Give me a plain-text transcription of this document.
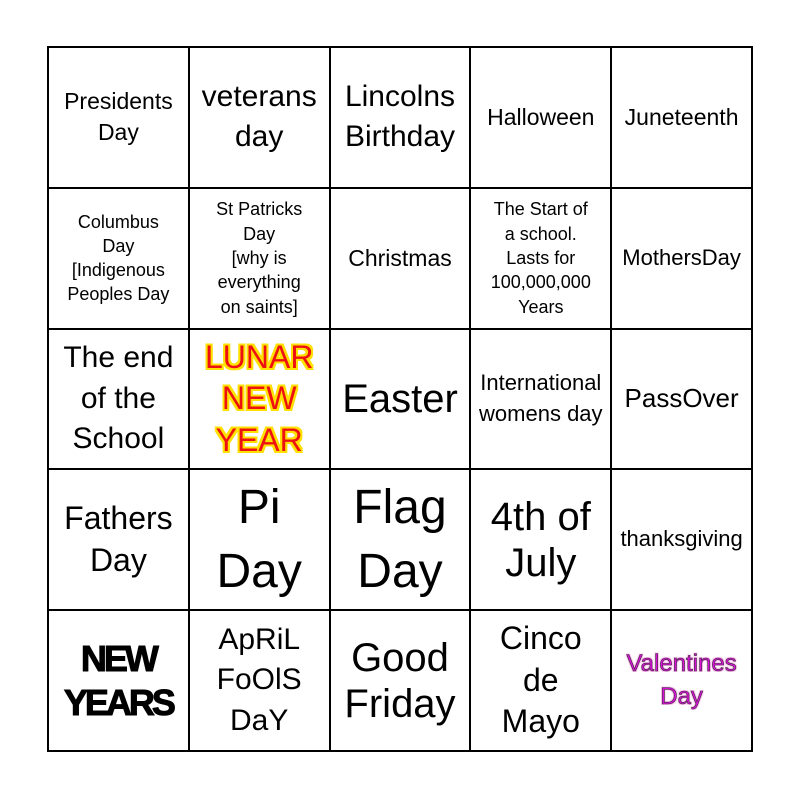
Presidents
Day
veterans
day
Lincolns
Birthday
Halloween Juneteenth
Columbus
Day
[Indigenous
Peoples Day
St Patricks
Day
[why is
everything
on saints]
Christmas
The Start of
a school.
Lasts for
100,000,000
Years
MothersDay
The end
of the
School
LUNAR
NEW
YEAR
Easter International
womens day
PassOver
Fathers
Day
Pi
Day
Flag
Day
4th of
July
thanksgiving
NEW
YEARS
ApRiL
FoOlS
DaY
Good
Friday
Cinco
de
Mayo
Valentines
Day
